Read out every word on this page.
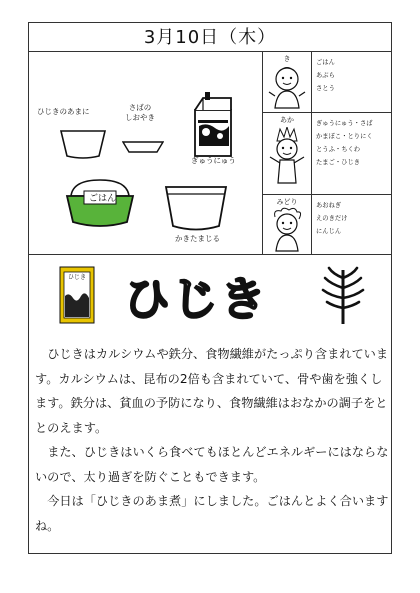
3月10日（木）
ひじきのあまに	さばの
しおやき
ぎゅうにゅう
ごはん
かきたまじる
き	ごはん
あぶら
さとう
あか	ぎゅうにゅう・さば
かまぼこ・とりにく
とうふ・ちくわ
たまご・ひじき
みどり	あおねぎ
えのきだけ
にんじん
ひじき ひじき

ひじきはカルシウムや鉄分、食物繊維がたっぷり含まれています。カルシウムは、昆布の2倍も含まれていて、骨や歯を強くします。鉄分は、貧血の予防になり、食物繊維はおなかの調子をととのえます。

また、ひじきはいくら食べてもほとんどエネルギーにはならないので、太り過ぎを防ぐこともできます。

今日は「ひじきのあま煮」にしました。ごはんとよく合いますね。
